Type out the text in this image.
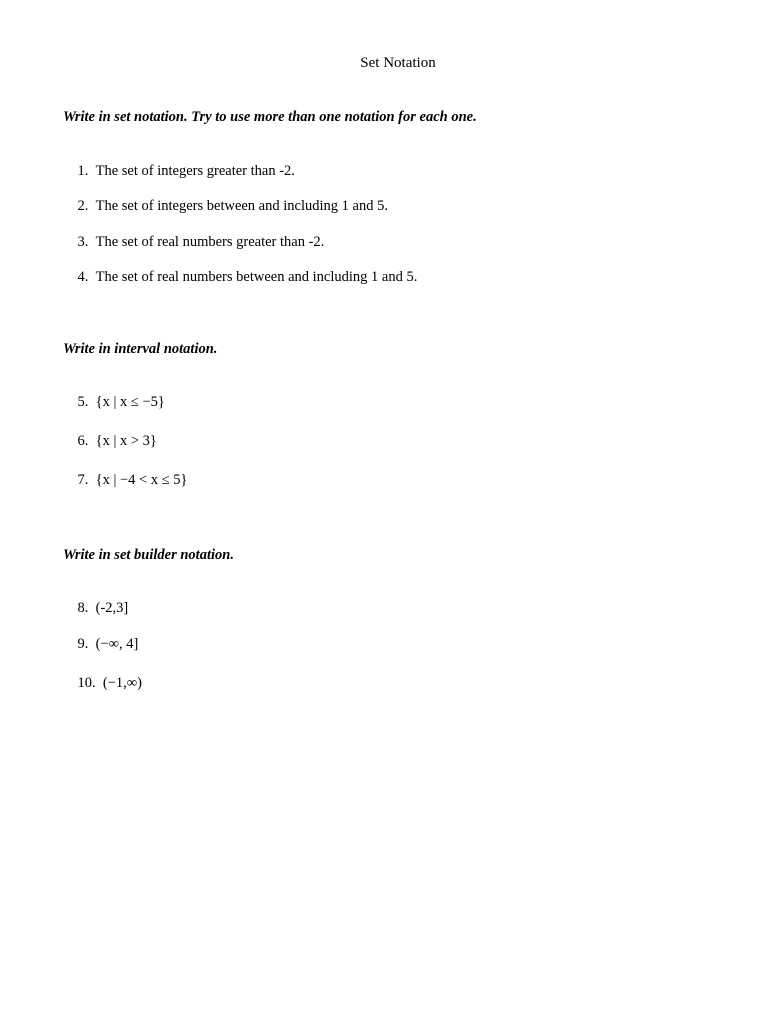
Set Notation
Write in set notation. Try to use more than one notation for each one.

1. The set of integers greater than -2.

2. The set of integers between and including 1 and 5.

3. The set of real numbers greater than -2.

4. The set of real numbers between and including 1 and 5.

Write in interval notation.

5. {x | x ≤ −5}

6. {x | x > 3}

7. {x | −4 < x ≤ 5}

Write in set builder notation.

8. (-2,3]

9. (−∞, 4]

10. (−1,∞)
